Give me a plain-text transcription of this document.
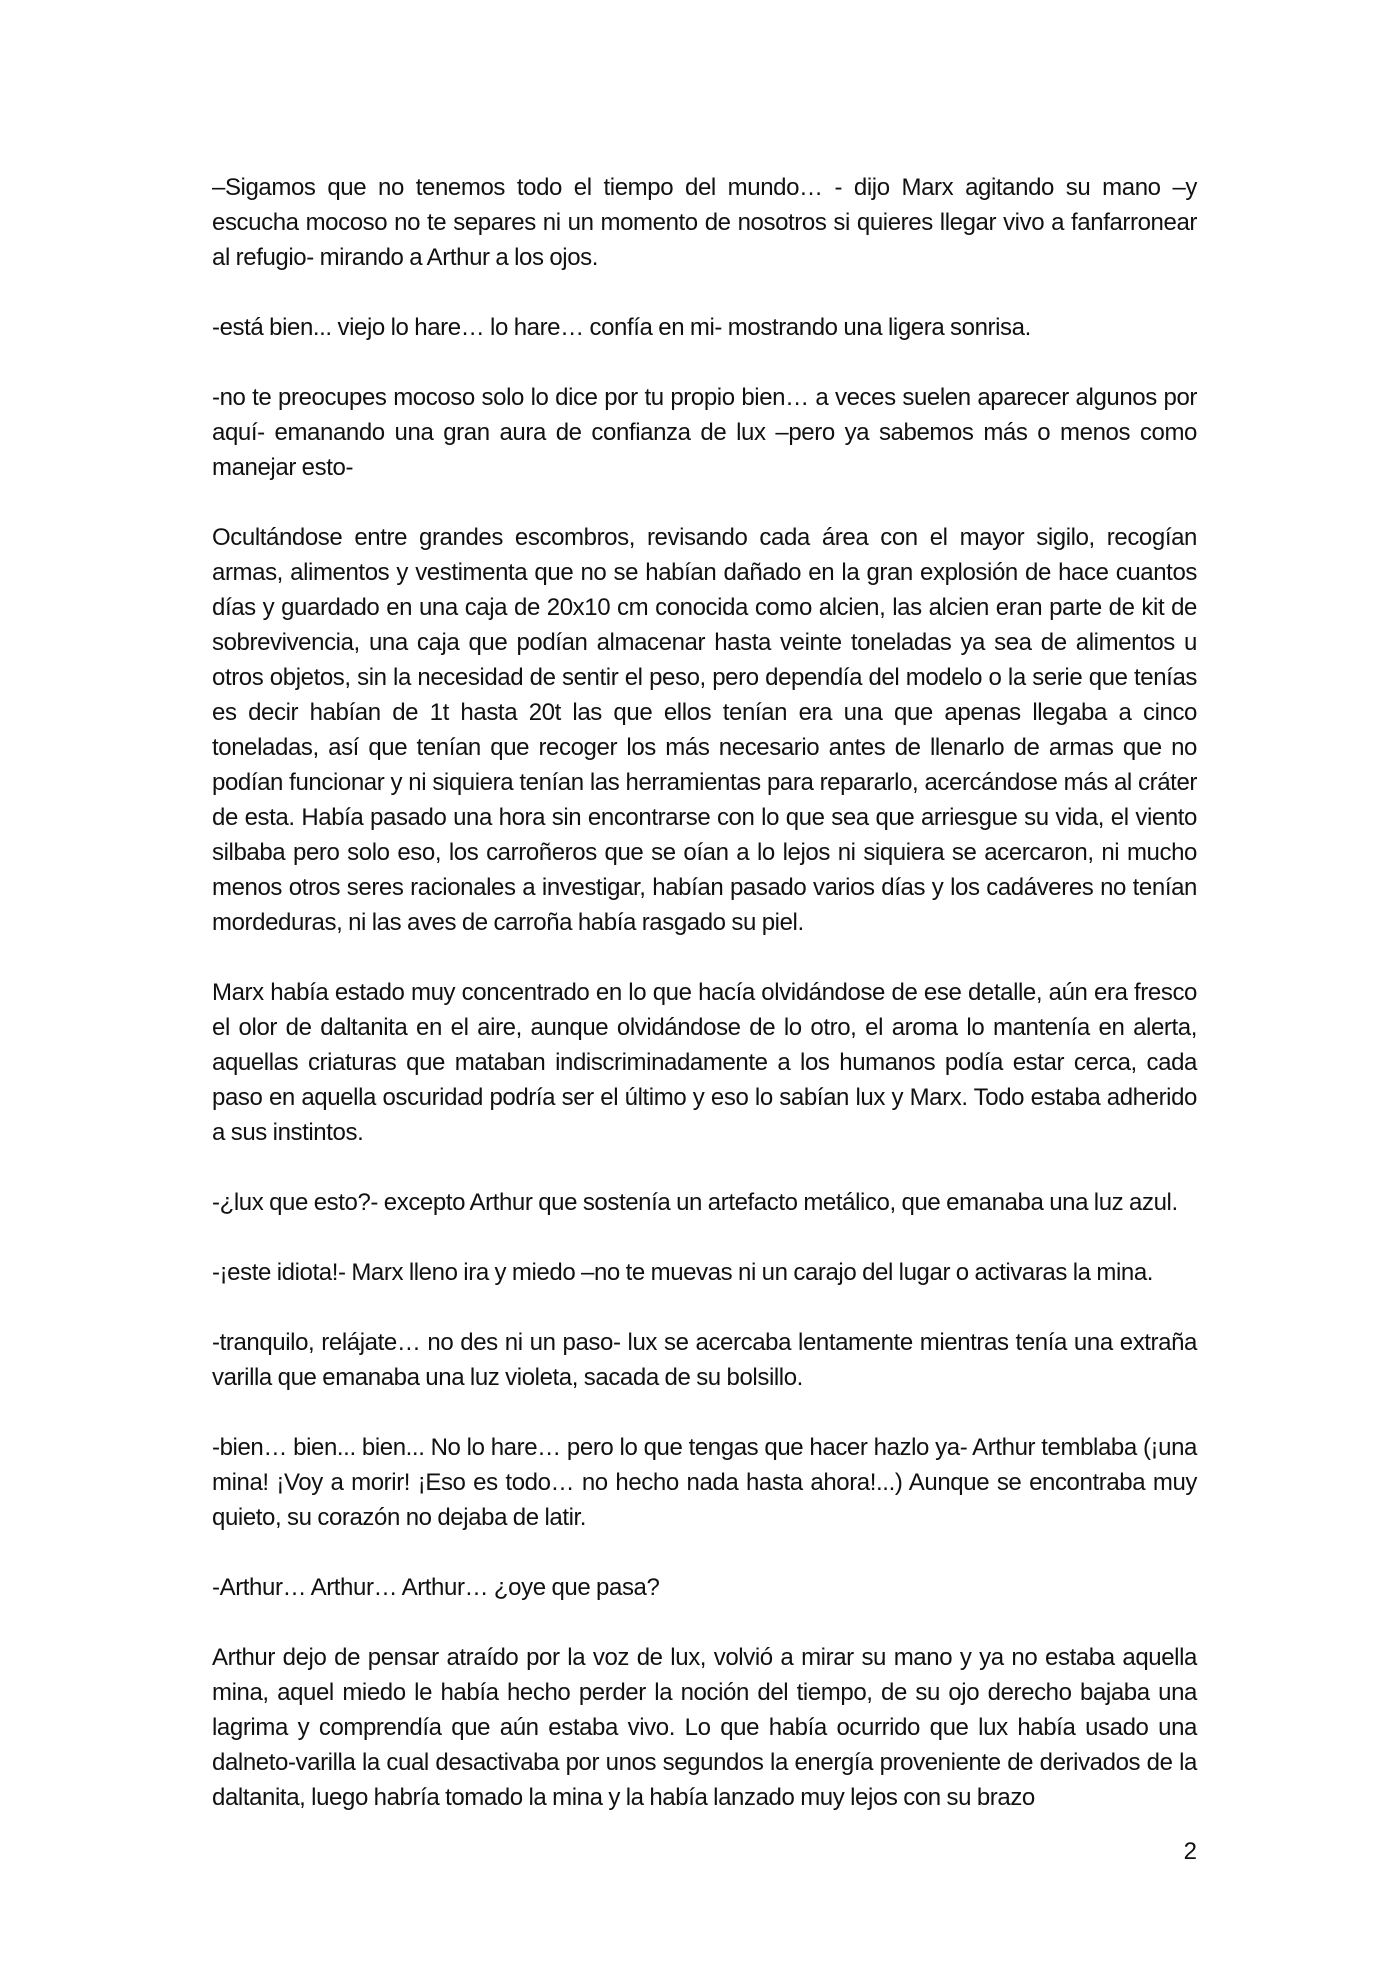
–Sigamos que no tenemos todo el tiempo del mundo… - dijo Marx agitando su mano –y escucha mocoso no te separes ni un momento de nosotros si quieres llegar vivo a fanfarronear al refugio- mirando a Arthur a los ojos.

-está bien... viejo lo hare… lo hare… confía en mi- mostrando una ligera sonrisa.

-no te preocupes mocoso solo lo dice por tu propio bien… a veces suelen aparecer algunos por aquí- emanando una gran aura de confianza de lux –pero ya sabemos más o menos como manejar esto-

Ocultándose entre grandes escombros, revisando cada área con el mayor sigilo, recogían armas, alimentos y vestimenta que no se habían dañado en la gran explosión de hace cuantos días y guardado en una caja de 20x10 cm conocida como alcien, las alcien eran parte de kit de sobrevivencia, una caja que podían almacenar hasta veinte toneladas ya sea de alimentos u otros objetos, sin la necesidad de sentir el peso, pero dependía del modelo o la serie que tenías es decir habían de 1t hasta 20t las que ellos tenían era una que apenas llegaba a cinco toneladas, así que tenían que recoger los más necesario antes de llenarlo de armas que no podían funcionar y ni siquiera tenían las herramientas para repararlo, acercándose más al cráter de esta. Había pasado una hora sin encontrarse con lo que sea que arriesgue su vida, el viento silbaba pero solo eso, los carroñeros que se oían a lo lejos ni siquiera se acercaron, ni mucho menos otros seres racionales a investigar, habían pasado varios días y los cadáveres no tenían mordeduras, ni las aves de carroña había rasgado su piel.

Marx había estado muy concentrado en lo que hacía olvidándose de ese detalle, aún era fresco el olor de daltanita en el aire, aunque olvidándose de lo otro, el aroma lo mantenía en alerta, aquellas criaturas que mataban indiscriminadamente a los humanos podía estar cerca, cada paso en aquella oscuridad podría ser el último y eso lo sabían lux y Marx. Todo estaba adherido a sus instintos.

-¿lux que esto?- excepto Arthur que sostenía un artefacto metálico, que emanaba una luz azul.

-¡este idiota!- Marx lleno ira y miedo –no te muevas ni un carajo del lugar o activaras la mina.

-tranquilo, relájate… no des ni un paso- lux se acercaba lentamente mientras tenía una extraña varilla que emanaba una luz violeta, sacada de su bolsillo.

-bien… bien... bien... No lo hare… pero lo que tengas que hacer hazlo ya- Arthur temblaba (¡una mina! ¡Voy a morir! ¡Eso es todo… no hecho nada hasta ahora!...) Aunque se encontraba muy quieto, su corazón no dejaba de latir.

-Arthur… Arthur… Arthur… ¿oye que pasa?

Arthur dejo de pensar atraído por la voz de lux, volvió a mirar su mano y ya no estaba aquella mina, aquel miedo le había hecho perder la noción del tiempo, de su ojo derecho bajaba una lagrima y comprendía que aún estaba vivo. Lo que había ocurrido que lux había usado una dalneto-varilla la cual desactivaba por unos segundos la energía proveniente de derivados de la daltanita, luego habría tomado la mina y la había lanzado muy lejos con su brazo

2
